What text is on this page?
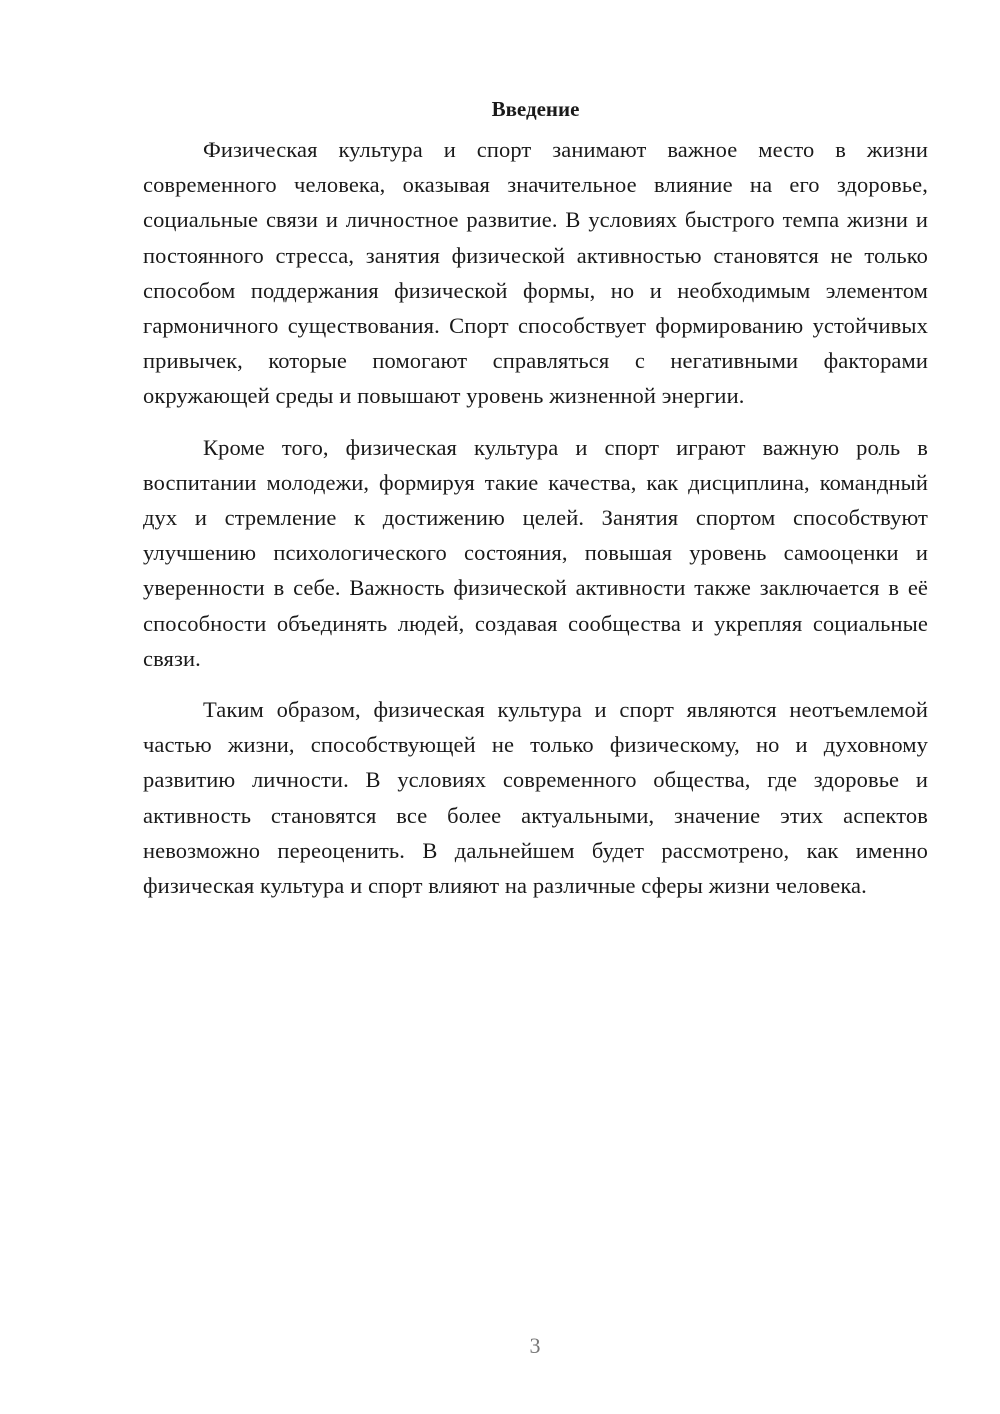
Введение

Физическая культура и спорт занимают важное место в жизни современного человека, оказывая значительное влияние на его здоровье, социальные связи и личностное развитие. В условиях быстрого темпа жизни и постоянного стресса, занятия физической активностью становятся не только способом поддержания физической формы, но и необходимым элементом гармоничного существования. Спорт способствует формированию устойчивых привычек, которые помогают справляться с негативными факторами окружающей среды и повышают уровень жизненной энергии.

Кроме того, физическая культура и спорт играют важную роль в воспитании молодежи, формируя такие качества, как дисциплина, командный дух и стремление к достижению целей. Занятия спортом способствуют улучшению психологического состояния, повышая уровень самооценки и уверенности в себе. Важность физической активности также заключается в её способности объединять людей, создавая сообщества и укрепляя социальные связи.

Таким образом, физическая культура и спорт являются неотъемлемой частью жизни, способствующей не только физическому, но и духовному развитию личности. В условиях современного общества, где здоровье и активность становятся все более актуальными, значение этих аспектов невозможно переоценить. В дальнейшем будет рассмотрено, как именно физическая культура и спорт влияют на различные сферы жизни человека.

3
